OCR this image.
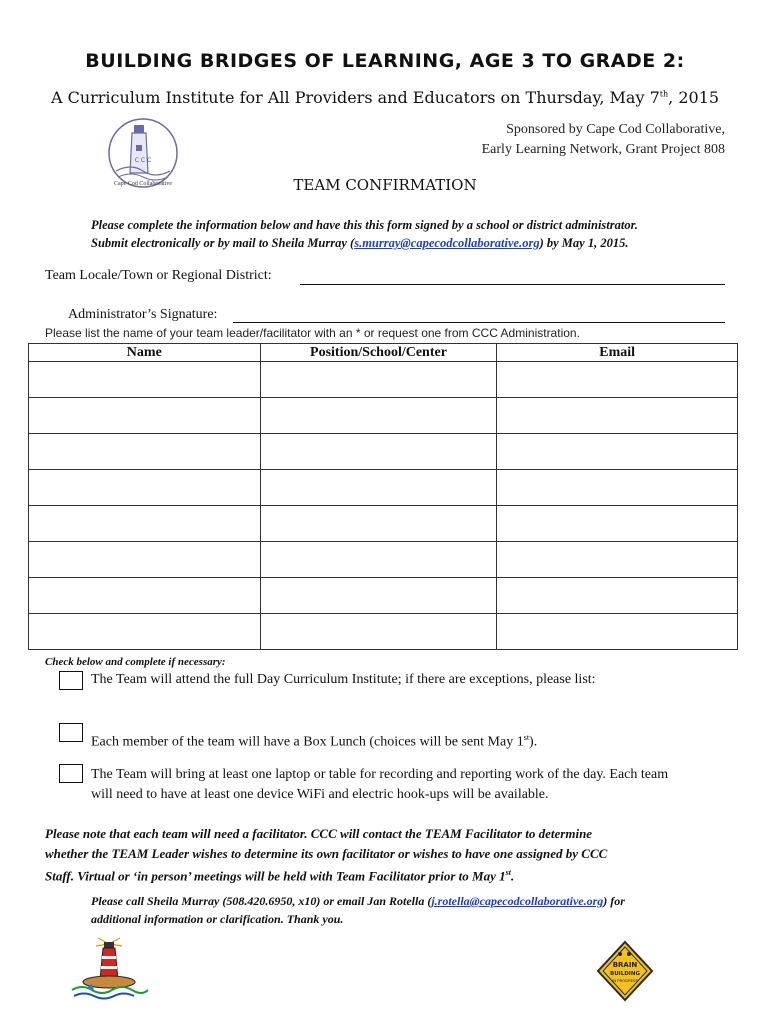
BUILDING BRIDGES OF LEARNING, AGE 3 TO GRADE 2:
A Curriculum Institute for All Providers and Educators on Thursday, May 7th, 2015
C C C
Cape Cod Collaborative
Sponsored by Cape Cod Collaborative,
Early Learning Network, Grant Project 808
TEAM CONFIRMATION
Please complete the information below and have this this form signed by a school or district administrator.
Submit electronically or by mail to Sheila Murray (s.murray@capecodcollaborative.org) by May 1, 2015.
Team Locale/Town or Regional District:
Administrator’s Signature:
Please list the name of your team leader/facilitator with an * or request one from CCC Administration.
Name	Position/School/Center	Email

Check below and complete if necessary:
The Team will attend the full Day Curriculum Institute; if there are exceptions, please list:
Each member of the team will have a Box Lunch (choices will be sent May 1st).
The Team will bring at least one laptop or table for recording and reporting work of the day. Each team
will need to have at least one device WiFi and electric hook-ups will be available.
Please note that each team will need a facilitator. CCC will contact the TEAM Facilitator to determine
whether the TEAM Leader wishes to determine its own facilitator or wishes to have one assigned by CCC
Staff. Virtual or ‘in person’ meetings will be held with Team Facilitator prior to May 1st.
Please call Sheila Murray (508.420.6950, x10) or email Jan Rotella (j.rotella@capecodcollaborative.org) for
additional information or clarification. Thank you.
BRAIN
BUILDING
IN PROGRESS
